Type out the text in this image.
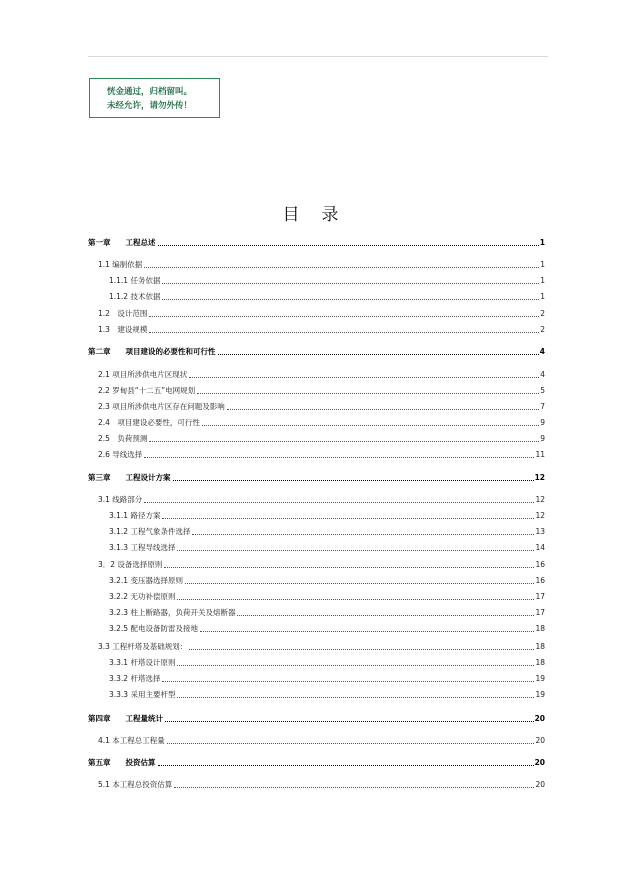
恍金通过，归档留叫。
未经允许，请勿外传！
目录
第一章　　工程总述	1
1.1 编制依据	1
1.1.1 任务依据	1
1.1.2 技术依据	1
1.2　设计范围	2
1.3　建设规模	2
第二章　　项目建设的必要性和可行性	4
2.1 项目所涉供电片区现状	4
2.2 罗甸县“十二五”电网规划	5
2.3 项目所涉供电片区存在问题及影响	7
2.4　项目建设必要性，可行性	9
2.5　负荷预测	9
2.6 导线选择	11
第三章　　工程设计方案	12
3.1 线路部分	12
3.1.1 路径方案	12
3.1.2 工程气象条件选择	13
3.1.3 工程导线选择	14
3．2 设备选择原则	16
3.2.1 变压器选择原则	16
3.2.2 无功补偿原则	17
3.2.3 柱上断路器，负荷开关及熔断器	17
3.2.5 配电设备防雷及接地	18
3.3 工程杆塔及基础规划：	18
3.3.1 杆塔设计原则	18
3.3.2 杆塔选择	19
3.3.3 采用主要杆型	19
第四章　　工程量统计	20
4.1 本工程总工程量	20
第五章　　投资估算	20
5.1 本工程总投资估算	20
